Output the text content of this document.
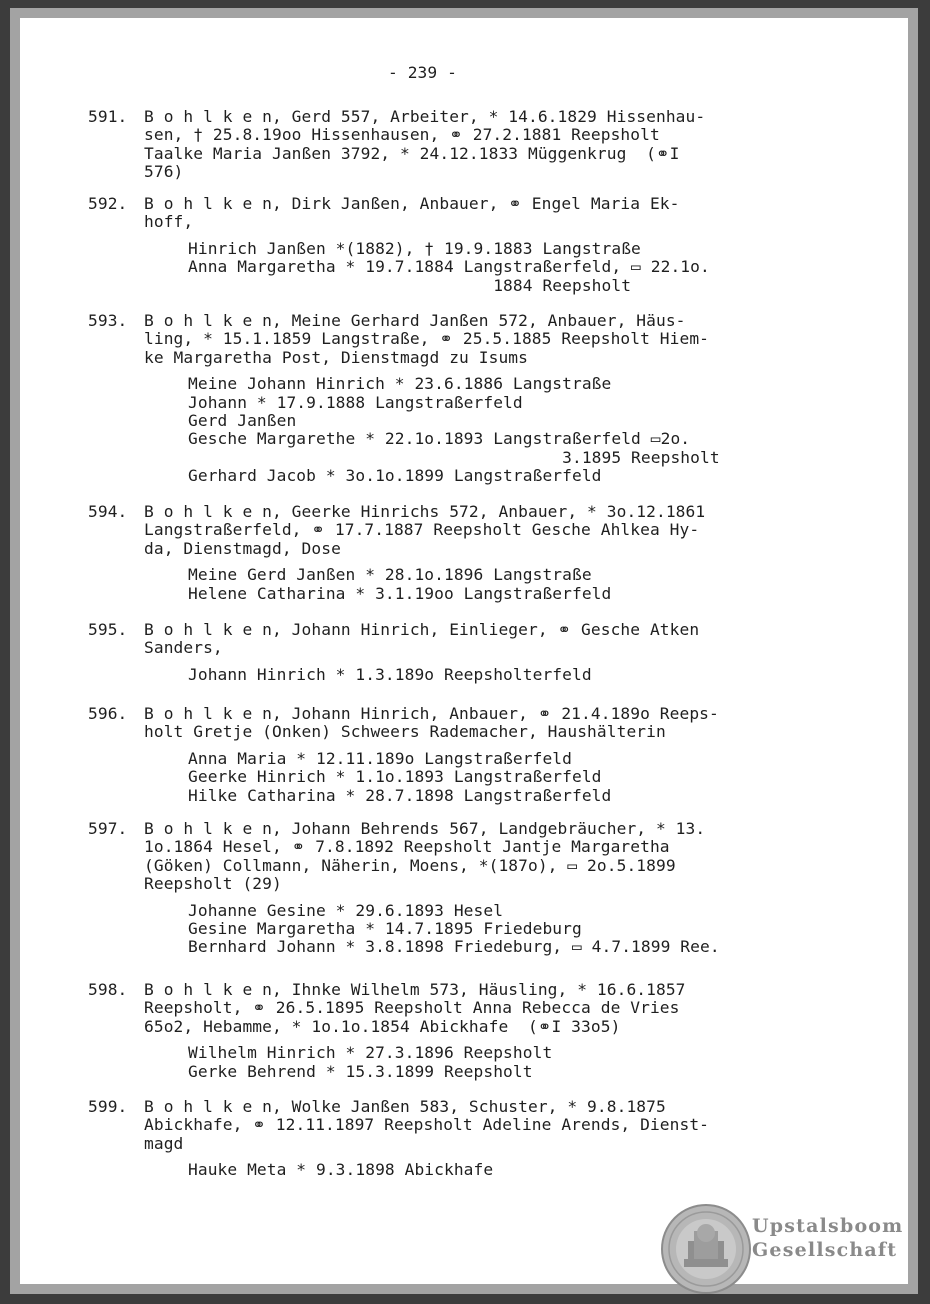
- 239 -
591. B o h l k e n, Gerd 557, Arbeiter, * 14.6.1829 Hissenhau-
sen, † 25.8.19oo Hissenhausen, ⚭ 27.2.1881 Reepsholt
Taalke Maria Janßen 3792, * 24.12.1833 Müggenkrug  (⚭I
576)
592. B o h l k e n, Dirk Janßen, Anbauer, ⚭ Engel Maria Ek-
hoff,
Hinrich Janßen *(1882), † 19.9.1883 Langstraße
Anna Margaretha * 19.7.1884 Langstraßerfeld, ▭ 22.1o.
1884 Reepsholt
593. B o h l k e n, Meine Gerhard Janßen 572, Anbauer, Häus-
ling, * 15.1.1859 Langstraße, ⚭ 25.5.1885 Reepsholt Hiem-
ke Margaretha Post, Dienstmagd zu Isums
Meine Johann Hinrich * 23.6.1886 Langstraße
Johann * 17.9.1888 Langstraßerfeld
Gerd Janßen
Gesche Margarethe * 22.1o.1893 Langstraßerfeld ▭2o.
3.1895 Reepsholt
Gerhard Jacob * 3o.1o.1899 Langstraßerfeld
594. B o h l k e n, Geerke Hinrichs 572, Anbauer, * 3o.12.1861
Langstraßerfeld, ⚭ 17.7.1887 Reepsholt Gesche Ahlkea Hy-
da, Dienstmagd, Dose
Meine Gerd Janßen * 28.1o.1896 Langstraße
Helene Catharina * 3.1.19oo Langstraßerfeld
595. B o h l k e n, Johann Hinrich, Einlieger, ⚭ Gesche Atken
Sanders,
Johann Hinrich * 1.3.189o Reepsholterfeld
596. B o h l k e n, Johann Hinrich, Anbauer, ⚭ 21.4.189o Reeps-
holt Gretje (Onken) Schweers Rademacher, Haushälterin
Anna Maria * 12.11.189o Langstraßerfeld
Geerke Hinrich * 1.1o.1893 Langstraßerfeld
Hilke Catharina * 28.7.1898 Langstraßerfeld
597. B o h l k e n, Johann Behrends 567, Landgebräucher, * 13.
1o.1864 Hesel, ⚭ 7.8.1892 Reepsholt Jantje Margaretha
(Göken) Collmann, Näherin, Moens, *(187o), ▭ 2o.5.1899
Reepsholt (29)
Johanne Gesine * 29.6.1893 Hesel
Gesine Margaretha * 14.7.1895 Friedeburg
Bernhard Johann * 3.8.1898 Friedeburg, ▭ 4.7.1899 Ree.
598. B o h l k e n, Ihnke Wilhelm 573, Häusling, * 16.6.1857
Reepsholt, ⚭ 26.5.1895 Reepsholt Anna Rebecca de Vries
65o2, Hebamme, * 1o.1o.1854 Abickhafe  (⚭I 33o5)
Wilhelm Hinrich * 27.3.1896 Reepsholt
Gerke Behrend * 15.3.1899 Reepsholt
599. B o h l k e n, Wolke Janßen 583, Schuster, * 9.8.1875
Abickhafe, ⚭ 12.11.1897 Reepsholt Adeline Arends, Dienst-
magd
Hauke Meta * 9.3.1898 Abickhafe
Upstalsboom
Gesellschaft
